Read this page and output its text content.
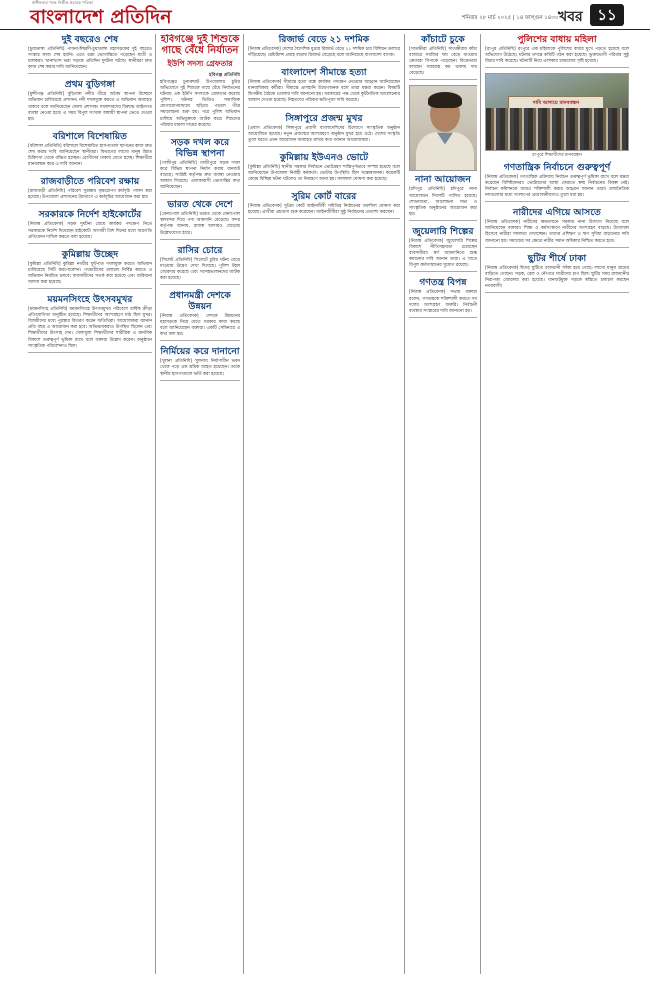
স্বাধীনতার পক্ষে নির্ভীক প্রচারক পত্রিকা
বাংলাদেশ প্রতিদিন	শনিবার ২৮ মার্চ ২০২৫ | ১৪ ফাল্গুন ১৪৩০ খবর ১১
দুই বছরেও শেষ
[চুয়াডাঙ্গা প্রতিনিধি] পাবনা-ঈশ্বরদী-চুয়াডাঙ্গা মহাসড়কের দুই বছরেও সংস্কার কাজ শেষ হয়নি। এতে চরম ভোগান্তিতে পড়েছেন যাত্রী ও চালকরা। খানাখন্দে ভরা সড়কে প্রতিদিন দুর্ঘটনা ঘটছে। স্থানীয়রা দ্রুত কাজ শেষ করার দাবি জানিয়েছেন।
প্রথম বুড়িগঙ্গা
[মুন্সীগঞ্জ প্রতিনিধি] বুড়িগঙ্গা নদীর তীরে অবৈধ স্থাপনা উচ্ছেদে অভিযান চালিয়েছে প্রশাসন। নদী দখলমুক্ত করতে এ অভিযান অব্যাহত থাকবে বলে জানিয়েছেন জেলা প্রশাসক। দখলদারদের বিরুদ্ধে আইনগত ব্যবস্থা নেওয়া হবে। এ সময় বিপুল সংখ্যক অস্থায়ী স্থাপনা ভেঙে দেওয়া হয়।
বরিশালে বিশেষায়িত
[বরিশাল প্রতিনিধি] বরিশালে বিশেষায়িত হাসপাতাল স্থাপনের কাজ দ্রুত শেষ করার দাবি জানিয়েছেন স্থানীয়রা। বিভাগের লাখো মানুষ উন্নত চিকিৎসা থেকে বঞ্চিত হচ্ছেন। রোগীদের ঢাকায় যেতে হচ্ছে। শিক্ষার্থীরা মানববন্ধন করে এ দাবি জানান।
রাজবাড়ীতে পরিবেশ রক্ষায়
[রাজবাড়ী প্রতিনিধি] পরিবেশ সুরক্ষায় বৃক্ষরোপণ কর্মসূচি পালন করা হয়েছে। উপজেলা প্রশাসনের উদ্যোগে এ কর্মসূচির আয়োজন করা হয়।
সরকারকে নির্দেশ হাইকোর্টের
[নিজস্ব প্রতিবেদক] সড়ক দুর্ঘটনা রোধে কার্যকর পদক্ষেপ নিতে সরকারকে নির্দেশ দিয়েছেন হাইকোর্ট। আগামী ত্রিশ দিনের মধ্যে অগ্রগতি প্রতিবেদন দাখিল করতে বলা হয়েছে।
কুমিল্লায় উচ্ছেদ
[কুমিল্লা প্রতিনিধি] কুমিল্লা নগরীর ফুটপাত দখলমুক্ত করতে অভিযান চালিয়েছে সিটি করপোরেশন। পথচারীদের চলাচল নির্বিঘ্ন করতে এ অভিযান নিয়মিত চলবে। ব্যবসায়ীদের সতর্ক করা হয়েছে এবং জরিমানা আদায় করা হয়েছে।
ময়মনসিংহে উৎসবমুখর
[ময়মনসিংহ প্রতিনিধি] ময়মনসিংহে উৎসবমুখর পরিবেশে বার্ষিক ক্রীড়া প্রতিযোগিতা অনুষ্ঠিত হয়েছে। শিক্ষার্থীদের অংশগ্রহণে মাঠ ছিল মুখর। বিজয়ীদের মধ্যে পুরস্কার বিতরণ করেন অতিথিরা। আয়োজকরা জানান প্রতি বছর এ আয়োজন করা হবে। অভিভাবকরাও উপস্থিত ছিলেন এবং শিক্ষার্থীদের উৎসাহ দেন। খেলাধুলা শিক্ষার্থীদের শারীরিক ও মানসিক বিকাশে গুরুত্বপূর্ণ ভূমিকা রাখে বলে বক্তারা উল্লেখ করেন। অনুষ্ঠানে সাংস্কৃতিক পরিবেশনাও ছিল।
হবিগঞ্জে দুই শিশুকে গাছে বেঁধে নির্যাতন
ইউপি সদস্য গ্রেফতার
হবিগঞ্জ প্রতিনিধি
হবিগঞ্জের চুনারুঘাট উপজেলায় চুরির অভিযোগে দুই শিশুকে গাছে বেঁধে নির্যাতনের ঘটনায় এক ইউপি সদস্যকে গ্রেফতার করেছে পুলিশ। ঘটনার ভিডিও সামাজিক যোগাযোগমাধ্যমে ছড়িয়ে পড়লে তীব্র সমালোচনা শুরু হয়। পরে পুলিশ অভিযান চালিয়ে অভিযুক্তকে আটক করে। শিশুদের পরিবার মামলা দায়ের করেছে।
সড়ক দখল করে বিভিন্ন স্থাপনা
[গাজীপুর প্রতিনিধি] গাজীপুরে সড়ক দখল করে বিভিন্ন স্থাপনা নির্মাণ করায় যানজট বাড়ছে। সংশ্লিষ্ট কর্তৃপক্ষ দ্রুত ব্যবস্থা নেওয়ার আশ্বাস দিয়েছে। এলাকাবাসী ভোগান্তির কথা জানিয়েছেন।
ভারত থেকে দেশে
[বেনাপোল প্রতিনিধি] ভারত থেকে বেনাপোল স্থলবন্দর দিয়ে পণ্য আমদানি বেড়েছে। বন্দর কর্তৃপক্ষ জানায়, রাজস্ব আদায়ও বেড়েছে উল্লেখযোগ্য হারে।
রাসির চোরে
[সিলেট প্রতিনিধি] সিলেটে চুরির ঘটনা বেড়ে যাওয়ায় উদ্বেগ দেখা দিয়েছে। পুলিশ টহল জোরদার করেছে এবং সন্দেহভাজনদের আটক করা হয়েছে।
প্রধানমন্ত্রী দেশকে উন্নয়ন
[নিজস্ব প্রতিবেদক] দেশকে উন্নয়নের মহাসড়কে নিয়ে যেতে সরকার কাজ করছে বলে জানিয়েছেন বক্তারা। একটি সেমিনারে এ কথা বলা হয়।
নির্মিয়ের করে দানানো
[খুলনা প্রতিনিধি] খুলনায় নির্মাণাধীন ভবন থেকে পড়ে এক শ্রমিক আহত হয়েছেন। তাকে স্থানীয় হাসপাতালে ভর্তি করা হয়েছে।
রিজার্ভ বেড়ে ২১ দশমিক
[নিজস্ব প্রতিবেদক] দেশের বৈদেশিক মুদ্রার রিজার্ভ বেড়ে ২১ দশমিক চার বিলিয়ন ডলারে দাঁড়িয়েছে। রেমিট্যান্স প্রবাহ বাড়ায় রিজার্ভ বেড়েছে বলে জানিয়েছে বাংলাদেশ ব্যাংক।
বাংলাদেশ সীমান্তে হত্যা
[নিজস্ব প্রতিবেদক] সীমান্তে হত্যা বন্ধে কার্যকর পদক্ষেপ নেওয়ার আহ্বান জানিয়েছেন মানবাধিকার কর্মীরা। সীমান্তে প্রাণহানি উদ্বেগজনক বলে তারা মন্তব্য করেন। বিষয়টি দ্বিপক্ষীয় বৈঠকে তোলার দাবি জানানো হয়। সরকারের পক্ষ থেকে কূটনৈতিক আলোচনার আশ্বাস দেওয়া হয়েছে। নিহতদের পরিবার ক্ষতিপূরণ দাবি করেছে।
সিঙ্গাপুরে প্রজন্ম মুখর
[প্রবাস প্রতিবেদক] সিঙ্গাপুরে প্রবাসী বাংলাদেশিদের উদ্যোগে সাংস্কৃতিক অনুষ্ঠান আয়োজিত হয়েছে। নতুন প্রজন্মের অংশগ্রহণে অনুষ্ঠান মুখর হয়ে ওঠে। দেশের সংস্কৃতি তুলে ধরতে এমন আয়োজন অব্যাহত রাখার কথা জানান আয়োজকরা।
কুমিল্লায় ইউএনও ভোটে
[কুমিল্লা প্রতিনিধি] স্থানীয় সরকার নির্বাচনে ভোটগ্রহণ শান্তিপূর্ণভাবে সম্পন্ন হয়েছে বলে জানিয়েছেন উপজেলা নির্বাহী কর্মকর্তা। ভোটার উপস্থিতি ছিল সন্তোষজনক। কয়েকটি কেন্দ্রে বিচ্ছিন্ন ঘটনা ঘটলেও তা নিয়ন্ত্রণে আনা হয়। ফলাফল ঘোষণা করা হয়েছে।
সুরিম কোর্ট বারের
[নিজস্ব প্রতিবেদক] সুপ্রিম কোর্ট আইনজীবী সমিতির নির্বাচনের তফসিল ঘোষণা করা হয়েছে। প্রার্থীরা প্রচারণা শুরু করেছেন। আইনজীবীরা সুষ্ঠু নির্বাচনের প্রত্যাশা করছেন।
কাঁচাটে চুকে
[সাতক্ষীরা প্রতিনিধি] সাতক্ষীরায় কাঁচা বাজারে সবজির দাম বেড়ে যাওয়ায় ক্রেতারা বিপাকে পড়েছেন। বিক্রেতারা বলছেন সরবরাহ কম থাকায় দাম বেড়েছে।
নানা আয়োজন
[চাঁদপুর প্রতিনিধি] চাঁদপুরে নানা আয়োজনে দিবসটি পালিত হয়েছে। শোভাযাত্রা, আলোচনা সভা ও সাংস্কৃতিক অনুষ্ঠানের আয়োজন করা হয়।
জুয়েলারি শিল্পের
[নিজস্ব প্রতিবেদক] জুয়েলারি শিল্পের বিকাশে নীতিসহায়তা চেয়েছেন ব্যবসায়ীরা। স্বর্ণ আমদানিতে শুল্ক কমানোর দাবি জানান তারা। এ খাতে বিপুল কর্মসংস্থানের সুযোগ রয়েছে।
গণতন্ত্র বিপন্ন
[নিজস্ব প্রতিবেদক] সভায় বক্তারা বলেন, গণতন্ত্রকে শক্তিশালী করতে সব দলের অংশগ্রহণ জরুরি। নির্বাচনী ব্যবস্থার সংস্কারের দাবি জানানো হয়।
পুলিশের বাধায় মহিলা
[রংপুর প্রতিনিধি] রংপুরে এক মহিলাকে পুলিশের বাধার মুখে পড়তে হয়েছে বলে অভিযোগ উঠেছে। ঘটনার তদন্তে কমিটি গঠন করা হয়েছে। ভুক্তভোগী পরিবার সুষ্ঠু বিচার দাবি করেছে। ঘটনাটি নিয়ে এলাকায় চাঞ্চল্যের সৃষ্টি হয়েছে।
দাবি আদায়ে মানববন্ধন
রংপুরে শিক্ষার্থীদের মানববন্ধন
গণতান্ত্রিক নির্বাচনে গুরুত্বপূর্ণ
[নিজস্ব প্রতিবেদক] গণতান্ত্রিক প্রক্রিয়ায় নির্বাচন গুরুত্বপূর্ণ ভূমিকা রাখে বলে মন্তব্য করেছেন বিশিষ্টজনরা। ভোটারদের আস্থা ফেরাতে স্বচ্ছ নির্বাচনের বিকল্প নেই। নির্বাচন কমিশনকে আরও শক্তিশালী করার আহ্বান জানান তারা। রাজনৈতিক দলগুলোর মধ্যে সংলাপের প্রয়োজনীয়তাও তুলে ধরা হয়।
নারীদের এগিয়ে আসতে
[নিজস্ব প্রতিবেদক] নারীদের ক্ষমতায়নে সরকার নানা উদ্যোগ নিয়েছে বলে জানিয়েছেন বক্তারা। শিক্ষা ও কর্মসংস্থানে নারীদের অংশগ্রহণ বাড়ছে। উদ্যোক্তা হিসেবে নারীরা সফলতা দেখাচ্ছেন। তাদের প্রশিক্ষণ ও ঋণ সুবিধা বাড়ানোর দাবি জানানো হয়। সমাজের সব ক্ষেত্রে নারীর সমান অধিকার নিশ্চিত করতে হবে।
ছুটির শীর্ষে ঢাকা
[নিজস্ব প্রতিবেদক] ঈদের ছুটিতে রাজধানী ফাঁকা হয়ে গেছে। লাখো মানুষ গ্রামের বাড়িতে গেছেন। সড়ক, রেল ও নৌপথে যাত্রীদের চাপ ছিল। ছুটির সময় রাজধানীর নিরাপত্তা জোরদার করা হয়েছে। যানজটমুক্ত সড়কে স্বস্তিতে চলাচল করছেন নগরবাসী।
